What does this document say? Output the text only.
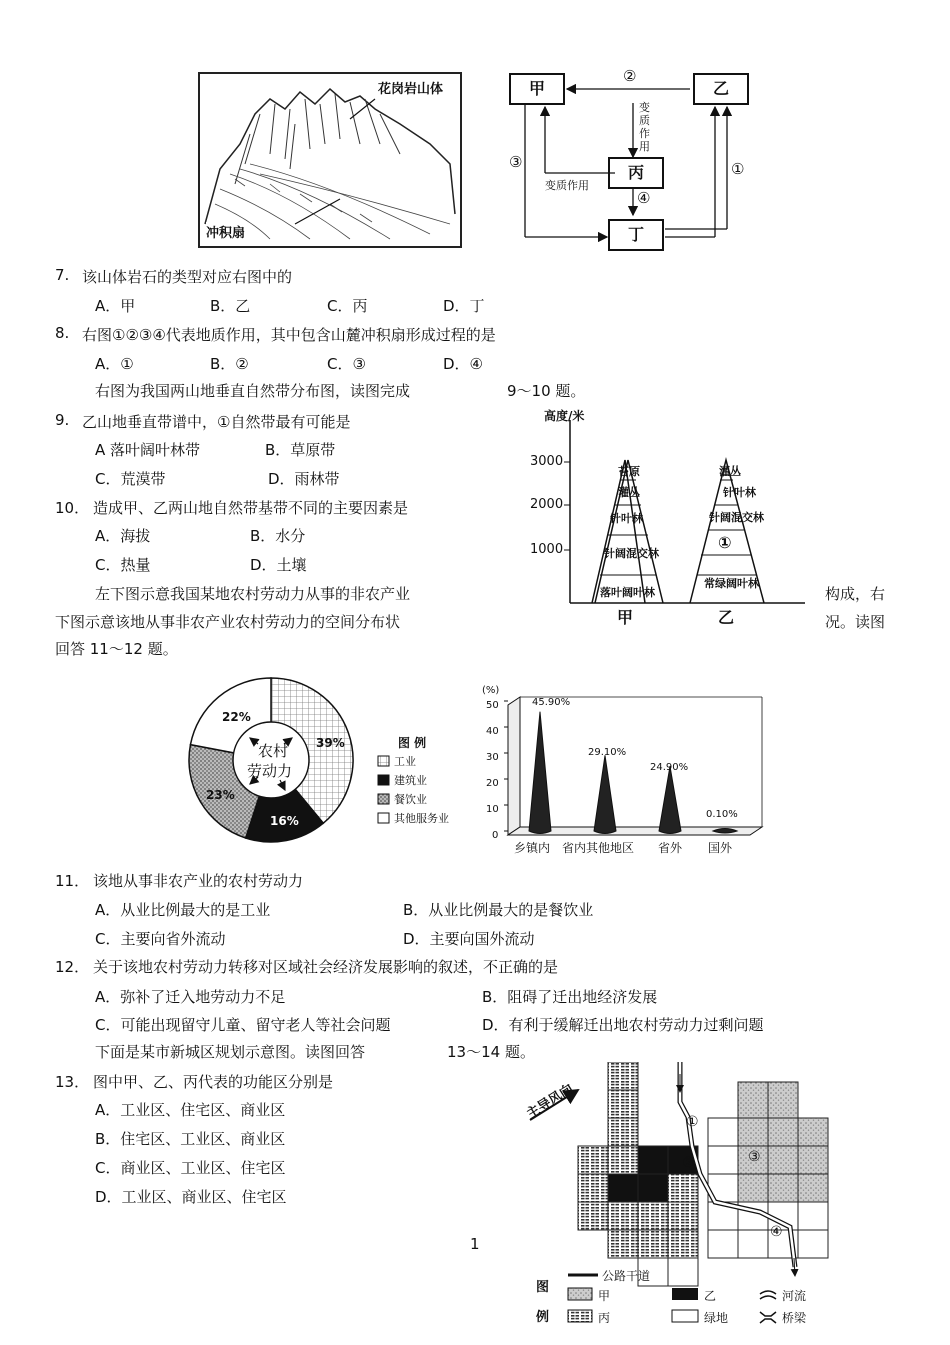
花岗岩山体
冲积扇
甲	乙
丙
丁
②
③	①
④
变质作用
变质作用
7. 该山体岩石的类型对应右图中的
A．甲	B．乙	C．丙	D．丁
8. 右图①②③④代表地质作用，其中包含山麓冲积扇形成过程的是
A．①	B．②	C．③	D．④
右图为我国两山地垂直自然带分布图，读图完成	9～10 题。
9. 乙山地垂直带谱中，①自然带最有可能是
A 落叶阔叶林带	B．草原带
C．荒漠带	D．雨林带
10． 造成甲、乙两山地自然带基带不同的主要因素是
A．海拔	B．水分
C．热量	D．土壤
高度/米
3000
2000
1000
苔原
灌丛
针叶林
针阔混交林
落叶阔叶林
甲
灌丛
针叶林
针阔混交林
①
常绿阔叶林
乙
左下图示意我国某地农村劳动力从事的非农产业	构成，右
下图示意该地从事非农产业农村劳动力的空间分布状	况。读图
回答 11～12 题。
农村
劳动力
39%
16%
23%
22%
图 例
工业
建筑业
餐饮业
其他服务业
(%)
50
40
30
20
10
0
45.90%
29.10%
24.90%
0.10%
乡镇内 省内其他地区 省外 国外
11． 该地从事非农产业的农村劳动力
A．从业比例最大的是工业	B．从业比例最大的是餐饮业
C．主要向省外流动	D．主要向国外流动
12． 关于该地农村劳动力转移对区域社会经济发展影响的叙述，不正确的是
A．弥补了迁入地劳动力不足	B．阻碍了迁出地经济发展
C．可能出现留守儿童、留守老人等社会问题	D．有利于缓解迁出地农村劳动力过剩问题
下面是某市新城区规划示意图。读图回答	13～14 题。
13． 图中甲、乙、丙代表的功能区分别是
A．工业区、住宅区、商业区
B．住宅区、工业区、商业区
C．商业区、工业区、住宅区
D．工业区、商业区、住宅区
1
主导风向	①
②	③
④
图
例
公路干道
甲
丙
乙
绿地
河流
桥梁
